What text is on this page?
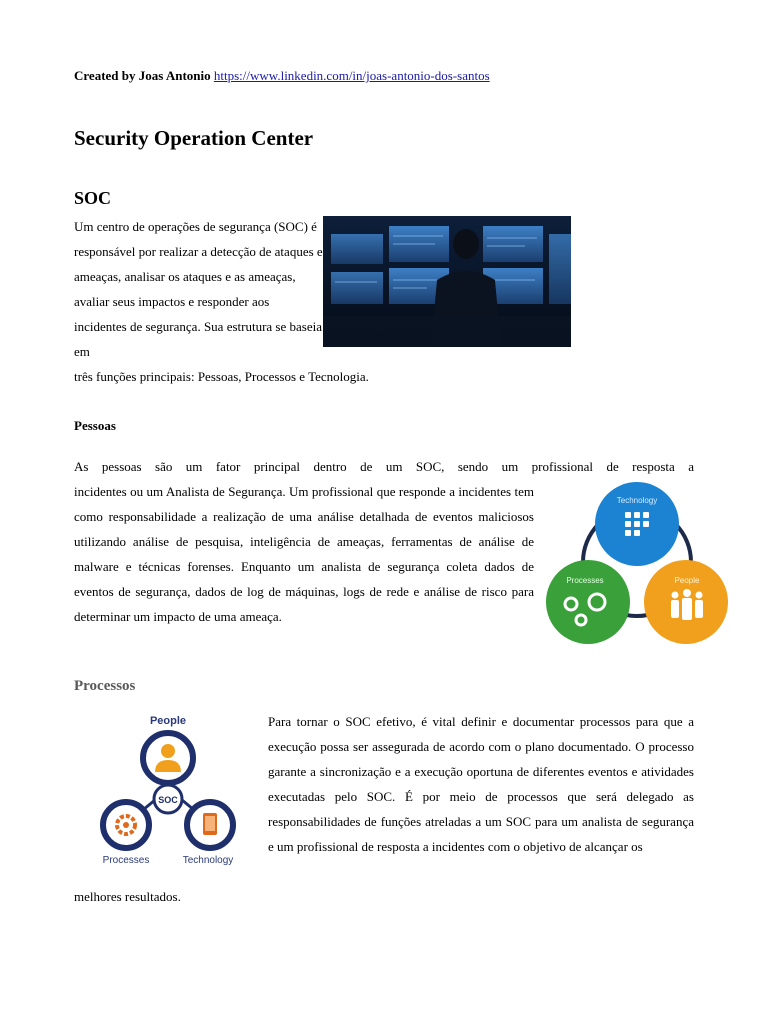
Created by Joas Antonio https://www.linkedin.com/in/joas-antonio-dos-santos
Security Operation Center
SOC
Um centro de operações de segurança (SOC) é responsável por realizar a detecção de ataques e ameaças, analisar os ataques e as ameaças, avaliar seus impactos e responder aos incidentes de segurança. Sua estrutura se baseia em
três funções principais: Pessoas, Processos e Tecnologia.
Pessoas
As pessoas são um fator principal dentro de um SOC, sendo um profissional de resposta a
incidentes ou um Analista de Segurança. Um profissional que responde a incidentes tem como responsabilidade a realização de uma análise detalhada de eventos maliciosos utilizando análise de pesquisa, inteligência de ameaças, ferramentas de análise de malware e técnicas forenses. Enquanto um analista de segurança coleta dados de eventos de segurança, dados de log de máquinas, logs de rede e análise de risco para determinar um impacto de uma ameaça.
Technology
Processes	People
Processos
People
SOC
Processes	Technology
Para tornar o SOC efetivo, é vital definir e documentar processos para que a execução possa ser assegurada de acordo com o plano documentado. O processo garante a sincronização e a execução oportuna de diferentes eventos e atividades executadas pelo SOC. É por meio de processos que será delegado as responsabilidades de funções atreladas a um SOC para um analista de segurança e um profissional de resposta a incidentes com o objetivo de alcançar os
melhores resultados.
